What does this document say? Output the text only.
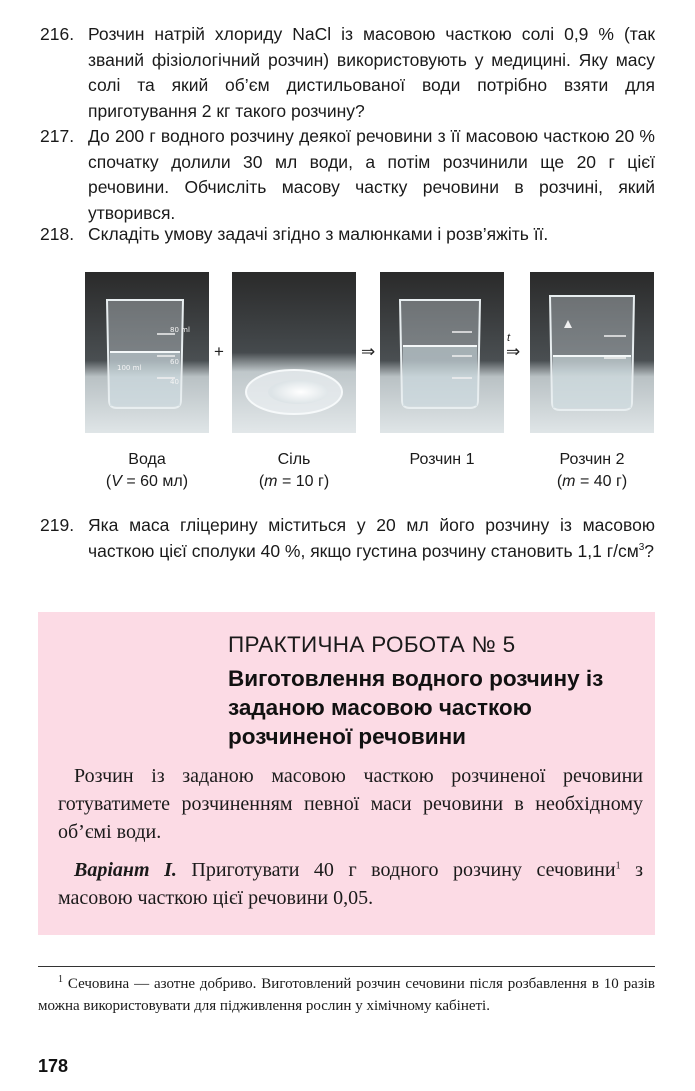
216. Розчин натрій хлориду NaCl із масовою часткою солі 0,9 % (так званий фізіологічний розчин) використовують у медицині. Яку масу солі та який об’єм дистильованої води потрібно взяти для приготування 2 кг такого розчину?
217. До 200 г водного розчину деякої речовини з її масовою часткою 20 % спочатку долили 30 мл води, а потім розчинили ще 20 г цієї речовини. Обчисліть масову частку речовини в розчині, який утворився.
218. Складіть умову задачі згідно з малюнками і розв’яжіть її.
80 ml
60
40
100 ml
+	⇒
t
⇒
Вода
(V = 60 мл)
Сіль
(m = 10 г)
Розчин 1	Розчин 2
(m = 40 г)
219. Яка маса гліцерину міститься у 20 мл його розчину із масовою часткою цієї сполуки 40 %, якщо густина розчину становить 1,1 $г/см^3$?
ПРАКТИЧНА РОБОТА № 5
Виготовлення водного розчину із заданою масовою часткою розчиненої речовини
Розчин із заданою масовою часткою розчиненої речовини готуватимете розчиненням певної маси речовини в необхідному об’ємі води.
Варіант І. Приготувати 40 г водного розчину сечовини$^1$ з масовою часткою цієї речовини 0,05.
$^1$ Сечовина — азотне добриво. Виготовлений розчин сечовини після розбавлення в 10 разів можна використовувати для підживлення рослин у хімічному кабінеті.
178
